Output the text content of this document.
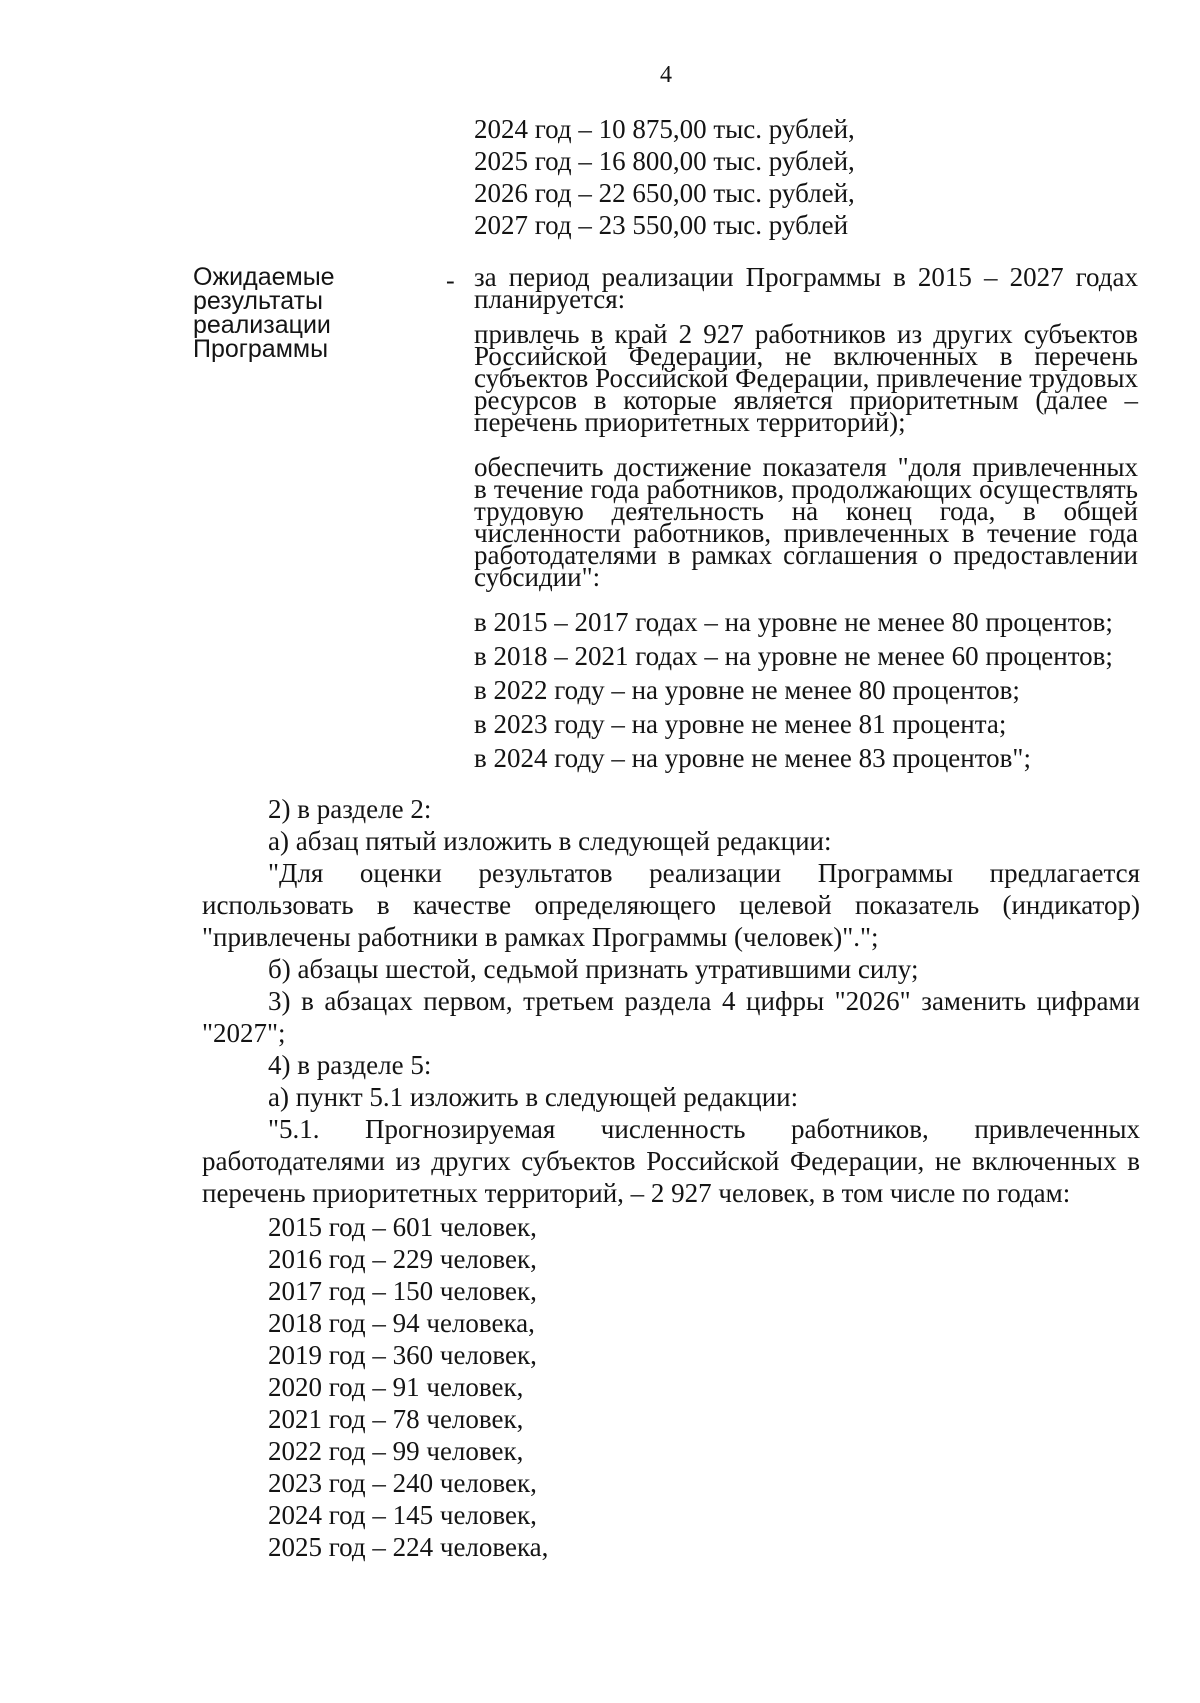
4
2024 год – 10 875,00 тыс. рублей,
2025 год – 16 800,00 тыс. рублей,
2026 год – 22 650,00 тыс. рублей,
2027 год – 23 550,00 тыс. рублей
Ожидаемые
результаты
реализации
Программы
- за период реализации Программы в 2015 – 2027 годах планируется:
привлечь в край 2 927 работников из других субъектов Российской Федерации, не включенных в перечень субъектов Российской Федерации, привлечение трудовых ресурсов в которые является приоритетным (далее – перечень приоритетных территорий);
обеспечить достижение показателя "доля привлеченных в течение года работников, продолжающих осуществлять трудовую деятельность на конец года, в общей численности работников, привлеченных в течение года работодателями в рамках соглашения о предоставлении субсидии":
в 2015 – 2017 годах – на уровне не менее 80 процентов;
в 2018 – 2021 годах – на уровне не менее 60 процентов;
в 2022 году – на уровне не менее 80 процентов;
в 2023 году – на уровне не менее 81 процента;
в 2024 году – на уровне не менее 83 процентов";
2) в разделе 2:
а) абзац пятый изложить в следующей редакции:
"Для оценки результатов реализации Программы предлагается использовать в качестве определяющего целевой показатель (индикатор) "привлечены работники в рамках Программы (человек)".";
б) абзацы шестой, седьмой признать утратившими силу;
3) в абзацах первом, третьем раздела 4 цифры "2026" заменить цифрами "2027";
4) в разделе 5:
а) пункт 5.1 изложить в следующей редакции:
"5.1. Прогнозируемая численность работников, привлеченных работодателями из других субъектов Российской Федерации, не включенных в перечень приоритетных территорий, – 2 927 человек, в том числе по годам:
2015 год – 601 человек,
2016 год – 229 человек,
2017 год – 150 человек,
2018 год – 94 человека,
2019 год – 360 человек,
2020 год – 91 человек,
2021 год – 78 человек,
2022 год – 99 человек,
2023 год – 240 человек,
2024 год – 145 человек,
2025 год – 224 человека,
